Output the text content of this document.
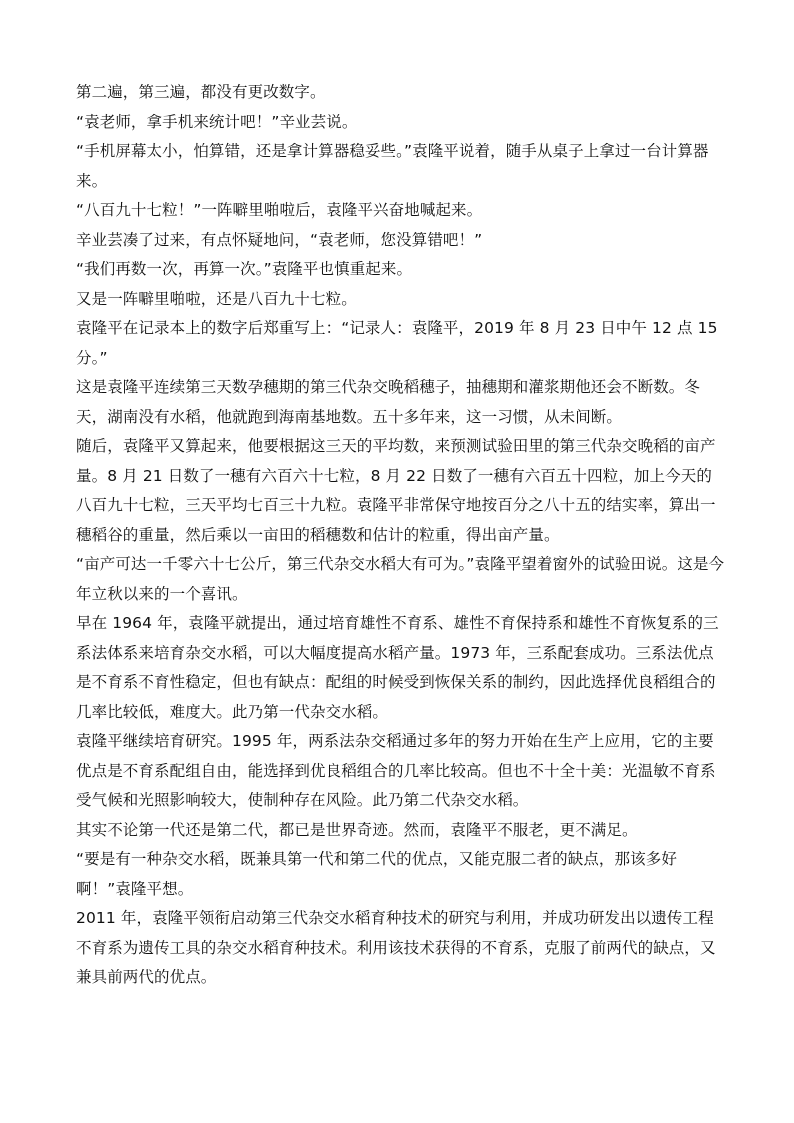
第二遍，第三遍，都没有更改数字。

“袁老师，拿手机来统计吧！”辛业芸说。

“手机屏幕太小，怕算错，还是拿计算器稳妥些。”袁隆平说着，随手从桌子上拿过一台计算器来。

“八百九十七粒！”一阵噼里啪啦后，袁隆平兴奋地喊起来。

辛业芸凑了过来，有点怀疑地问，“袁老师，您没算错吧！”

“我们再数一次，再算一次。”袁隆平也慎重起来。

又是一阵噼里啪啦，还是八百九十七粒。

袁隆平在记录本上的数字后郑重写上：“记录人：袁隆平，2019 年 8 月 23 日中午 12 点 15 分。”

这是袁隆平连续第三天数孕穗期的第三代杂交晚稻穗子，抽穗期和灌浆期他还会不断数。冬天，湖南没有水稻，他就跑到海南基地数。五十多年来，这一习惯，从未间断。

随后，袁隆平又算起来，他要根据这三天的平均数，来预测试验田里的第三代杂交晚稻的亩产量。8 月 21 日数了一穗有六百六十七粒，8 月 22 日数了一穗有六百五十四粒，加上今天的八百九十七粒，三天平均七百三十九粒。袁隆平非常保守地按百分之八十五的结实率，算出一穗稻谷的重量，然后乘以一亩田的稻穗数和估计的粒重，得出亩产量。

“亩产可达一千零六十七公斤，第三代杂交水稻大有可为。”袁隆平望着窗外的试验田说。这是今年立秋以来的一个喜讯。

早在 1964 年，袁隆平就提出，通过培育雄性不育系、雄性不育保持系和雄性不育恢复系的三系法体系来培育杂交水稻，可以大幅度提高水稻产量。1973 年，三系配套成功。三系法优点是不育系不育性稳定，但也有缺点：配组的时候受到恢保关系的制约，因此选择优良稻组合的几率比较低，难度大。此乃第一代杂交水稻。

袁隆平继续培育研究。1995 年，两系法杂交稻通过多年的努力开始在生产上应用，它的主要优点是不育系配组自由，能选择到优良稻组合的几率比较高。但也不十全十美：光温敏不育系受气候和光照影响较大，使制种存在风险。此乃第二代杂交水稻。

其实不论第一代还是第二代，都已是世界奇迹。然而，袁隆平不服老，更不满足。

“要是有一种杂交水稻，既兼具第一代和第二代的优点，又能克服二者的缺点，那该多好啊！”袁隆平想。

2011 年，袁隆平领衔启动第三代杂交水稻育种技术的研究与利用，并成功研发出以遗传工程不育系为遗传工具的杂交水稻育种技术。利用该技术获得的不育系，克服了前两代的缺点，又兼具前两代的优点。
